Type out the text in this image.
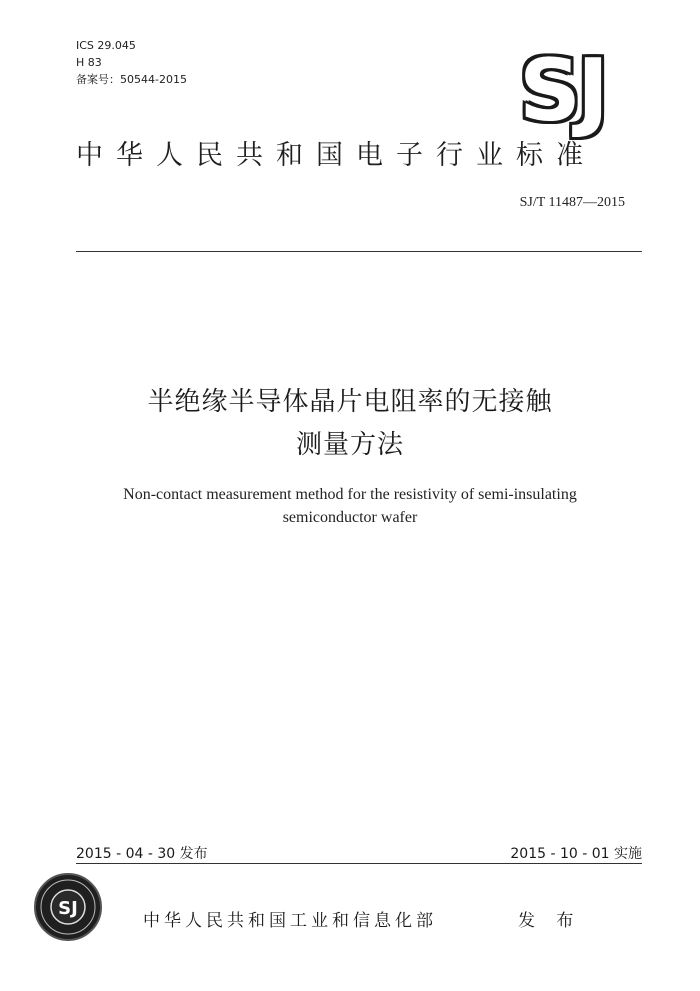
ICS 29.045
H 83
备案号：50544-2015	SJ
中华人民共和国电子行业标准
SJ/T 11487—2015
半绝缘半导体晶片电阻率的无接触
测量方法
Non-contact measurement method for the resistivity of semi-insulating
semiconductor wafer
2015 - 04 - 30 发布	2015 - 10 - 01 实施
SJ
中华人民共和国工业和信息化部	发 布
